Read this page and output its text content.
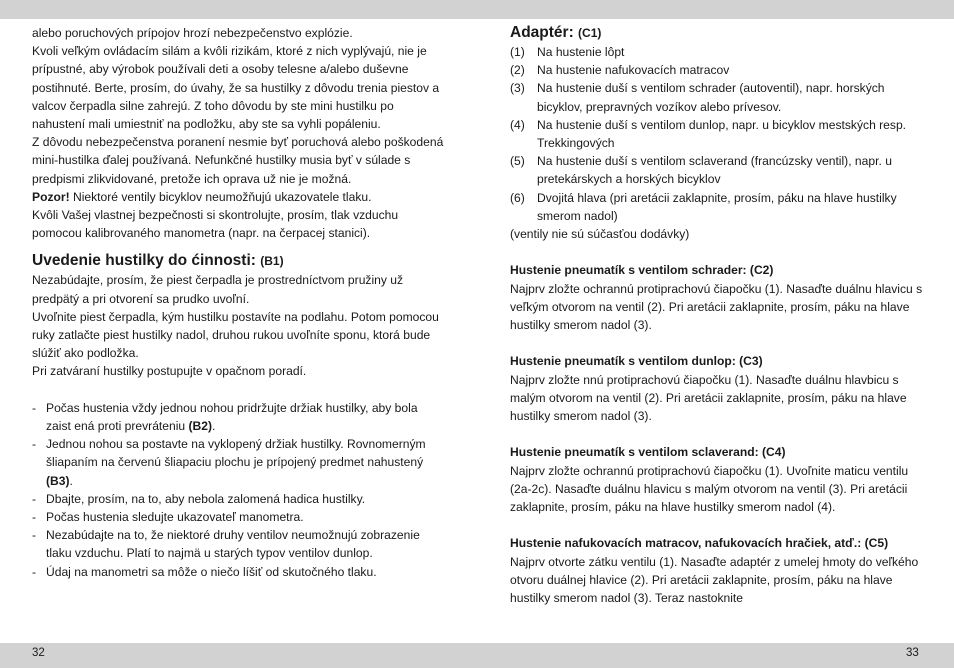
alebo poruchových prípojov hrozí nebezpečenstvo explózie.

Kvoli veľkým ovládacím silám a kvôli rizikám, ktoré z nich vyplývajú, nie je prípustné, aby výrobok používali deti a osoby telesne a/alebo duševne postihnuté. Berte, prosím, do úvahy, že sa hustilky z dôvodu trenia piestov a valcov čerpadla silne zahrejú. Z toho dôvodu by ste mini hustilku po nahustení mali umiestniť na podložku, aby ste sa vyhli popáleniu.

Z dôvodu nebezpečenstva poranení nesmie byť poruchová alebo poškodená mini-hustilka ďalej používaná. Nefunkčné hustilky musia byť v súlade s predpismi zlikvidované, pretože ich oprava už nie je možná.

Pozor! Niektoré ventily bicyklov neumožňujú ukazovatele tlaku.

Kvôli Vašej vlastnej bezpečnosti si skontrolujte, prosím, tlak vzduchu pomocou kalibrovaného manometra (napr. na čerpacej stanici).

Uvedenie hustilky do ćinnosti: (B1)

Nezabúdajte, prosím, že piest čerpadla je prostredníctvom pružiny už predpätý a pri otvorení sa prudko uvoľní.

Uvoľnite piest čerpadla, kým hustilku postavíte na podlahu. Potom pomocou ruky zatlačte piest hustilky nadol, druhou rukou uvoľníte sponu, ktorá bude slúžiť ako podložka.

Pri zatváraní hustilky postupujte v opačnom poradí.

- Počas hustenia vždy jednou nohou pridržujte držiak hustilky, aby bola zaist ená proti prevráteniu (B2).

- Jednou nohou sa postavte na vyklopený držiak hustilky. Rovnomerným šliapaním na červenú šliapaciu plochu je prípojený predmet nahustený (B3).

- Dbajte, prosím, na to, aby nebola zalomená hadica hustilky.

- Počas hustenia sledujte ukazovateľ manometra.

- Nezabúdajte na to, že niektoré druhy ventilov neumožnujú zobrazenie tlaku vzduchu. Platí to najmä u starých typov ventilov dunlop.

- Údaj na manometri sa môže o niečo líšiť od skutočného tlaku.

Adaptér: (C1)

(1) Na hustenie lôpt
(2) Na hustenie nafukovacích matracov
(3) Na hustenie duší s ventilom schrader (autoventil), napr. horských bicyklov, prepravných vozíkov alebo prívesov.
(4) Na hustenie duší s ventilom dunlop, napr. u bicyklov mestských resp. Trekkingových
(5) Na hustenie duší s ventilom sclaverand (francúzsky ventil), napr. u pretekárskych a horských bicyklov
(6) Dvojitá hlava (pri aretácii zaklapnite, prosím, páku na hlave hustilky smerom nadol)

(ventily nie sú súčasťou dodávky)

Hustenie pneumatík s ventilom schrader: (C2)

Najprv zložte ochrannú protiprachovú čiapočku (1). Nasaďte duálnu hlavicu s veľkým otvorom na ventil (2). Pri aretácii zaklapnite, prosím, páku na hlave hustilky smerom nadol (3).

Hustenie pneumatík s ventilom dunlop: (C3)

Najprv zložte nnú protiprachovú čiapočku (1). Nasaďte duálnu hlavbicu s malým otvorom na ventil (2). Pri aretácii zaklapnite, prosím, páku na hlave hustilky smerom nadol (3).

Hustenie pneumatík s ventilom sclaverand: (C4)

Najprv zložte ochrannú protiprachovú čiapočku (1). Uvoľnite maticu ventilu (2a-2c). Nasaďte duálnu hlavicu s malým otvorom na ventil (3). Pri aretácii zaklapnite, prosím, páku na hlave hustilky smerom nadol (4).

Hustenie nafukovacích matracov, nafukovacích hračiek, atď.: (C5)

Najprv otvorte zátku ventilu (1). Nasaďte adaptér z umelej hmoty do veľkého otvoru duálnej hlavice (2). Pri aretácii zaklapnite, prosím, páku na hlave hustilky smerom nadol (3). Teraz nastoknite

32	33
